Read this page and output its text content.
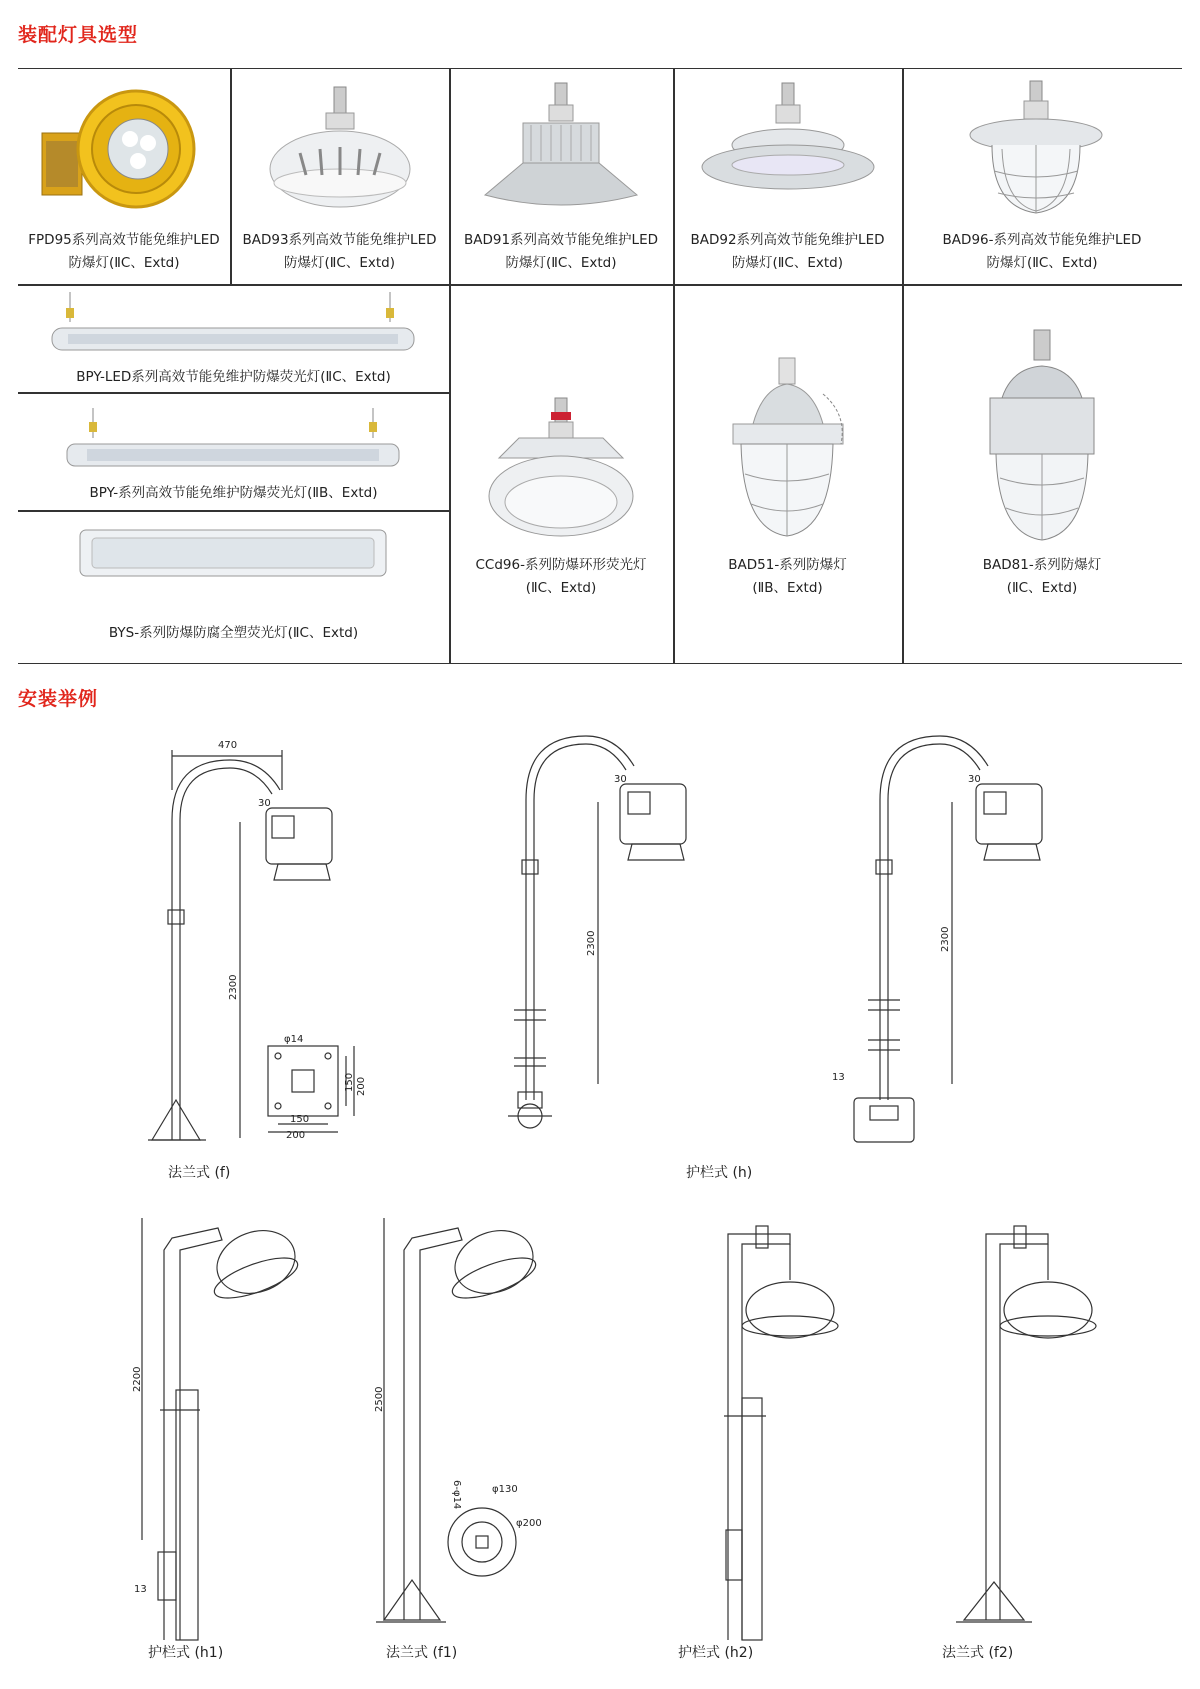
装配灯具选型
FPD95系列高效节能免维护LED
防爆灯(ⅡC、Extd)
BAD93系列高效节能免维护LED
防爆灯(ⅡC、Extd)
BAD91系列高效节能免维护LED
防爆灯(ⅡC、Extd)
BAD92系列高效节能免维护LED
防爆灯(ⅡC、Extd)
BAD96-系列高效节能免维护LED
防爆灯(ⅡC、Extd)
BPY-LED系列高效节能免维护防爆荧光灯(ⅡC、Extd)
BPY-系列高效节能免维护防爆荧光灯(ⅡB、Extd)
BYS-系列防爆防腐全塑荧光灯(ⅡC、Extd)
CCd96-系列防爆环形荧光灯
(ⅡC、Extd)
BAD51-系列防爆灯
(ⅡB、Extd)
BAD81-系列防爆灯
(ⅡC、Extd)
安装举例
470
30
2300
φ14
150
200
150 200
30
2300
30
2300
13
2200
13
2500
φ130
φ200
6-φ14
法兰式 (f)	护栏式 (h)
护栏式 (h1)	法兰式 (f1)	护栏式 (h2)	法兰式 (f2)
